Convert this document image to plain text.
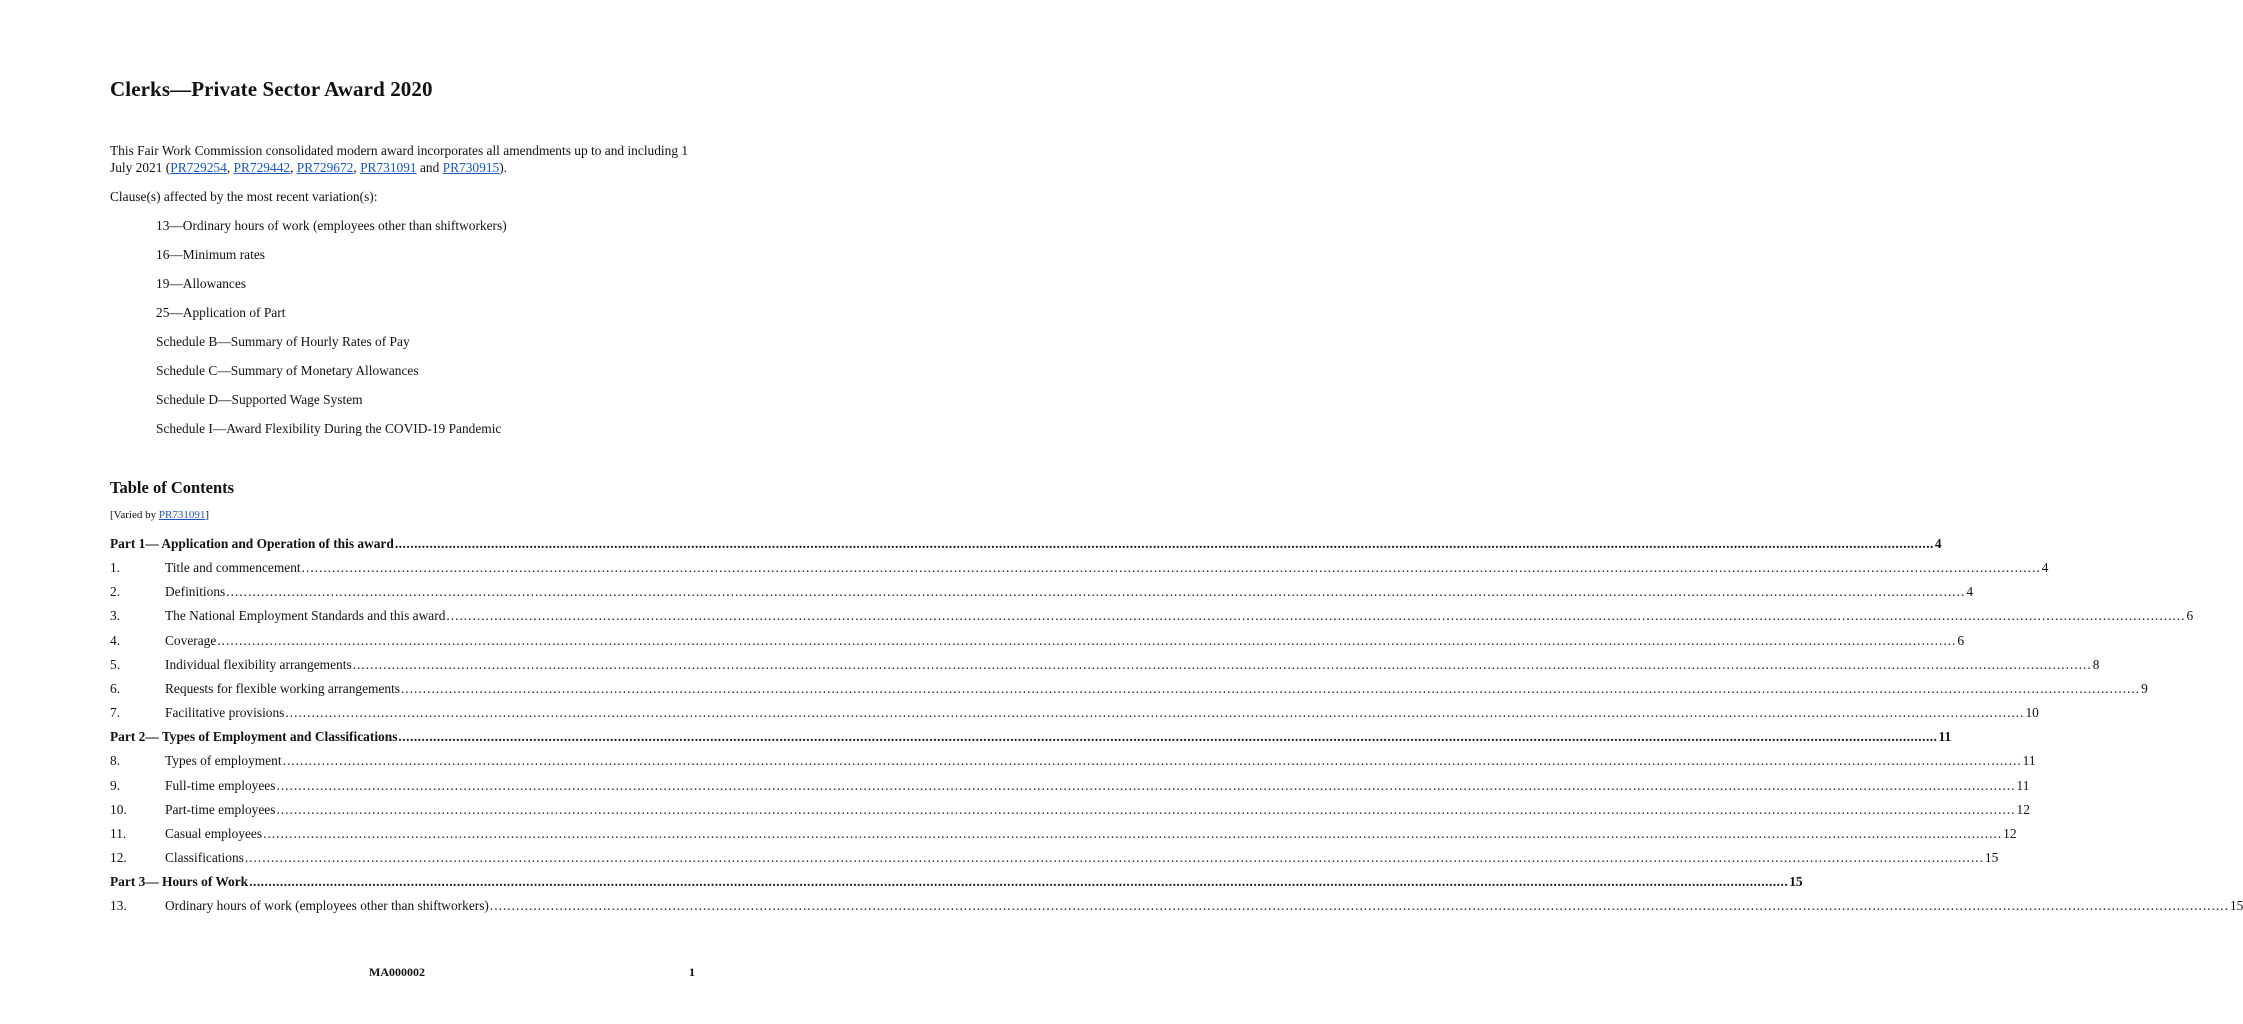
Clerks—Private Sector Award 2020
This Fair Work Commission consolidated modern award incorporates all amendments up to and including 1 July 2021 (PR729254, PR729442, PR729672, PR731091 and PR730915).
Clause(s) affected by the most recent variation(s):
13—Ordinary hours of work (employees other than shiftworkers)
16—Minimum rates
19—Allowances
25—Application of Part
Schedule B—Summary of Hourly Rates of Pay
Schedule C—Summary of Monetary Allowances
Schedule D—Supported Wage System
Schedule I—Award Flexibility During the COVID-19 Pandemic
Table of Contents
[Varied by PR731091]
Part 1— Application and Operation of this award ................................................................................................................................................................................................................................................................................................................................................................................................................ 4
1.	Title and commencement ................................................................................................................................................................................................................................................................................................................................................................................................................ 4
2.	Definitions ................................................................................................................................................................................................................................................................................................................................................................................................................ 4
3.	The National Employment Standards and this award ................................................................................................................................................................................................................................................................................................................................................................................................................ 6
4.	Coverage ................................................................................................................................................................................................................................................................................................................................................................................................................ 6
5.	Individual flexibility arrangements ................................................................................................................................................................................................................................................................................................................................................................................................................ 8
6.	Requests for flexible working arrangements ................................................................................................................................................................................................................................................................................................................................................................................................................ 9
7.	Facilitative provisions ................................................................................................................................................................................................................................................................................................................................................................................................................ 10
Part 2— Types of Employment and Classifications ................................................................................................................................................................................................................................................................................................................................................................................................................ 11
8.	Types of employment ................................................................................................................................................................................................................................................................................................................................................................................................................ 11
9.	Full-time employees ................................................................................................................................................................................................................................................................................................................................................................................................................ 11
10.	Part-time employees ................................................................................................................................................................................................................................................................................................................................................................................................................ 12
11.	Casual employees ................................................................................................................................................................................................................................................................................................................................................................................................................ 12
12.	Classifications ................................................................................................................................................................................................................................................................................................................................................................................................................ 15
Part 3— Hours of Work ................................................................................................................................................................................................................................................................................................................................................................................................................ 15
13.	Ordinary hours of work (employees other than shiftworkers) ................................................................................................................................................................................................................................................................................................................................................................................................................ 15
MA000002	1
